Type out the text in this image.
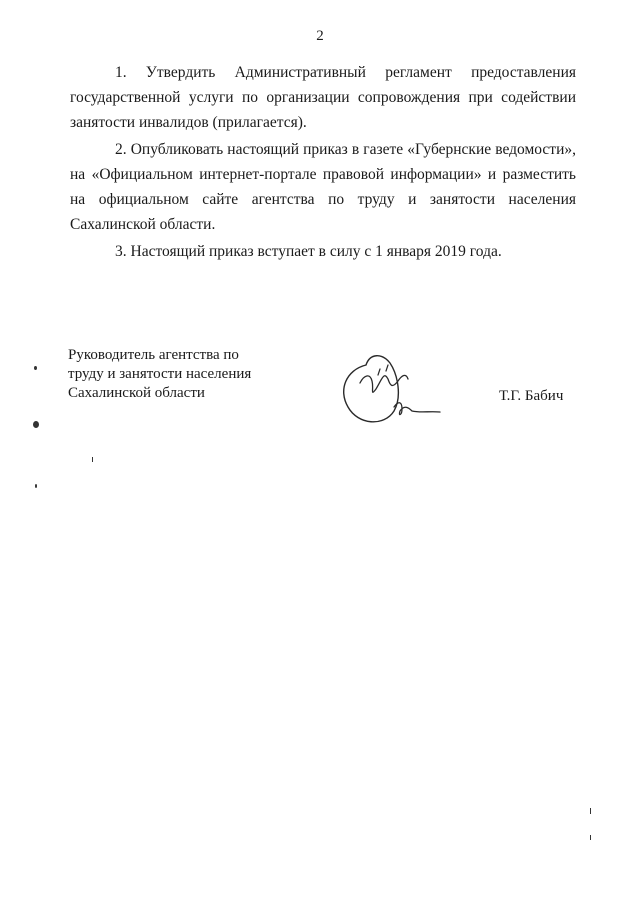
2

1. Утвердить Административный регламент предоставления государственной услуги по организации сопровождения при содействии занятости инвалидов (прилагается).

2. Опубликовать настоящий приказ в газете «Губернские ведомости», на «Официальном интернет-портале правовой информации» и разместить на официальном сайте агентства по труду и занятости населения Сахалинской области.

3. Настоящий приказ вступает в силу с 1 января 2019 года.

Руководитель агентства по
труду и занятости населения
Сахалинской области	Т.Г. Бабич
